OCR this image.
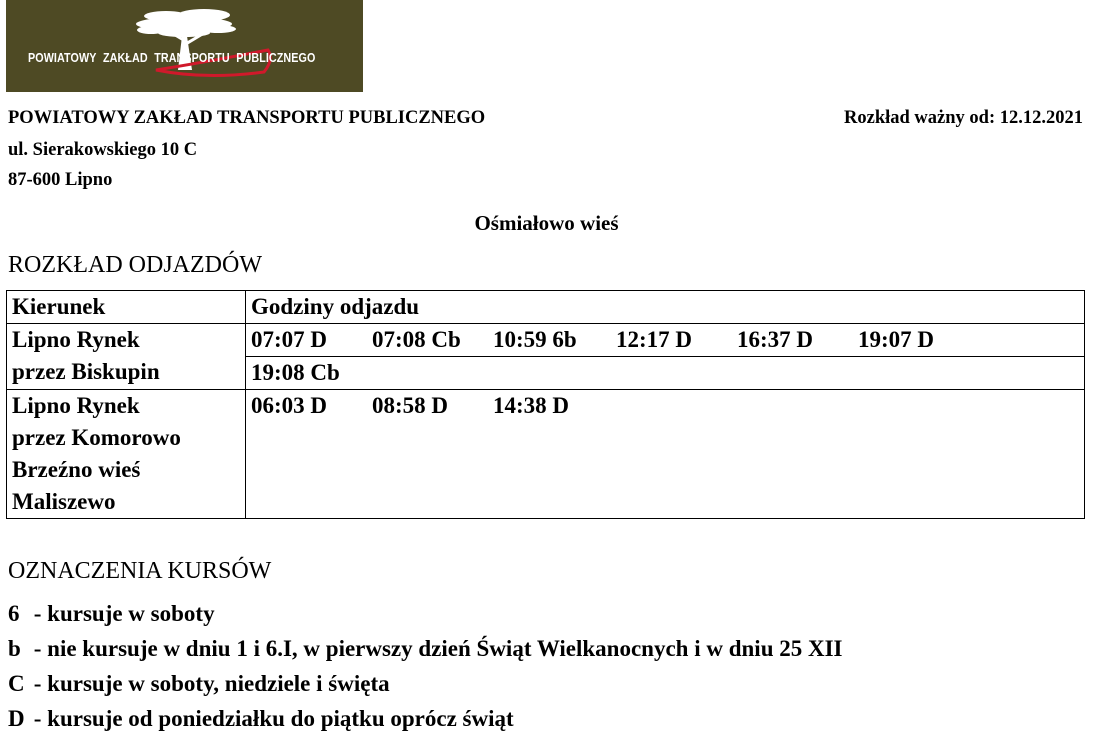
POWIATOWY ZAKŁAD TRANSPORTU PUBLICZNEGO
POWIATOWY ZAKŁAD TRANSPORTU PUBLICZNEGO
ul. Sierakowskiego 10 C
87-600 Lipno
Rozkład ważny od: 12.12.2021
Ośmiałowo wieś
ROZKŁAD ODJAZDÓW
Kierunek	Godziny odjazdu

Lipno Rynek
przez Biskupin	07:07 D 07:08 Cb 10:59 6b 12:17 D 16:37 D 19:07 D
	19:08 Cb

Lipno Rynek
przez Komorowo
Brzeźno wieś
Maliszewo	06:03 D 08:58 D 14:38 D
OZNACZENIA KURSÓW
6 - kursuje w soboty
b - nie kursuje w dniu 1 i 6.I, w pierwszy dzień Świąt Wielkanocnych i w dniu 25 XII
C - kursuje w soboty, niedziele i święta
D - kursuje od poniedziałku do piątku oprócz świąt
